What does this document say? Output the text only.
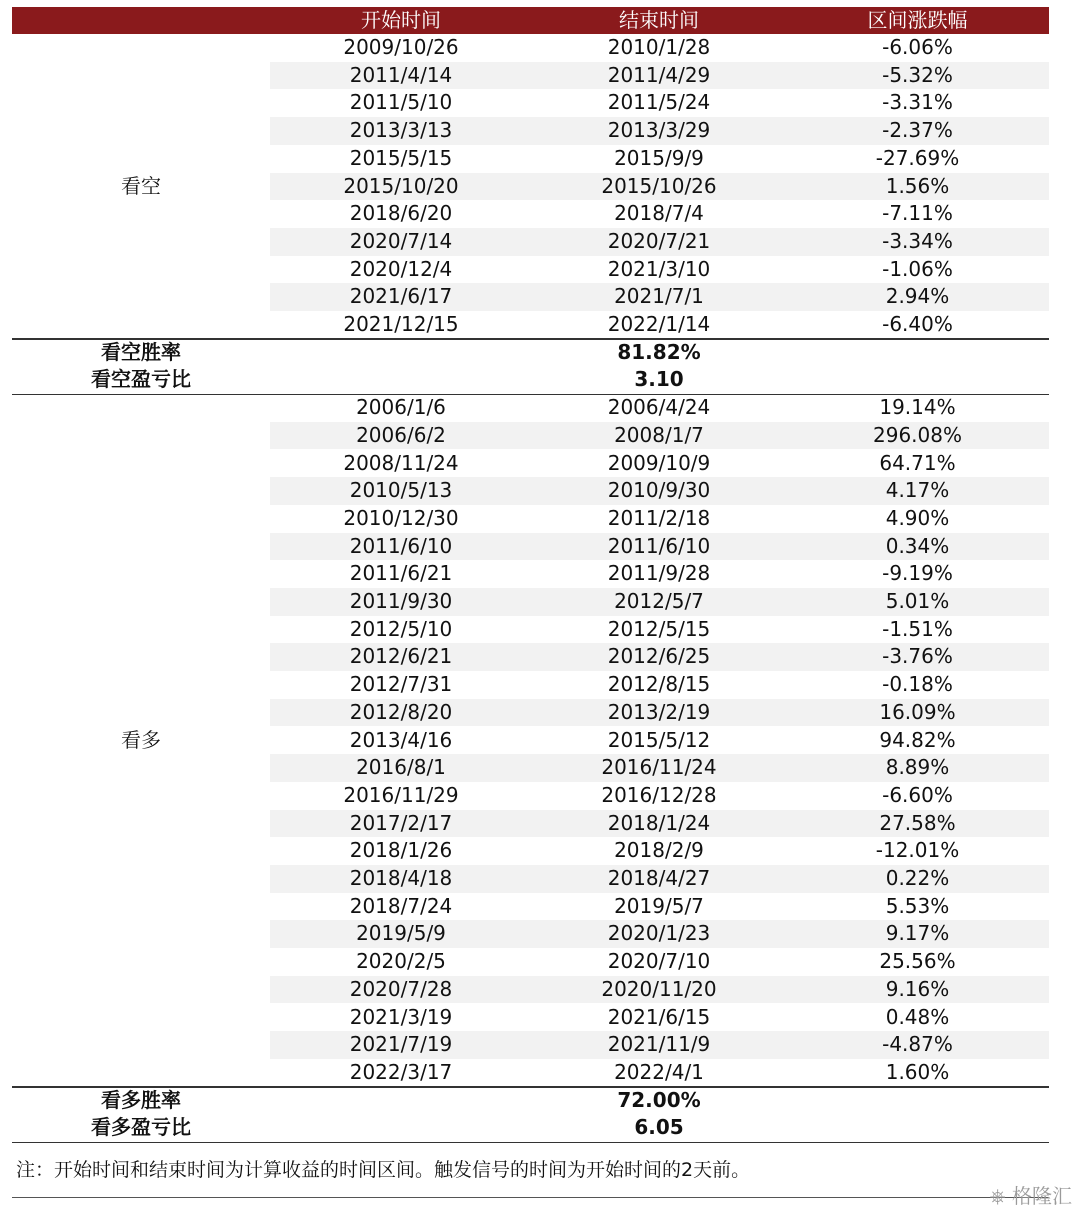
开始时间	结束时间	区间涨跌幅
2009/10/26	2010/1/28	-6.06%
2011/4/14	2011/4/29	-5.32%
2011/5/10	2011/5/24	-3.31%
2013/3/13	2013/3/29	-2.37%
2015/5/15	2015/9/9	-27.69%
2015/10/20	2015/10/26	1.56%
2018/6/20	2018/7/4	-7.11%
2020/7/14	2020/7/21	-3.34%
2020/12/4	2021/3/10	-1.06%
2021/6/17	2021/7/1	2.94%
2021/12/15	2022/1/14	-6.40%
看空
看空胜率	81.82%
看空盈亏比	3.10
2006/1/6	2006/4/24	19.14%
2006/6/2	2008/1/7	296.08%
2008/11/24	2009/10/9	64.71%
2010/5/13	2010/9/30	4.17%
2010/12/30	2011/2/18	4.90%
2011/6/10	2011/6/10	0.34%
2011/6/21	2011/9/28	-9.19%
2011/9/30	2012/5/7	5.01%
2012/5/10	2012/5/15	-1.51%
2012/6/21	2012/6/25	-3.76%
2012/7/31	2012/8/15	-0.18%
2012/8/20	2013/2/19	16.09%
2013/4/16	2015/5/12	94.82%
2016/8/1	2016/11/24	8.89%
2016/11/29	2016/12/28	-6.60%
2017/2/17	2018/1/24	27.58%
2018/1/26	2018/2/9	-12.01%
2018/4/18	2018/4/27	0.22%
2018/7/24	2019/5/7	5.53%
2019/5/9	2020/1/23	9.17%
2020/2/5	2020/7/10	25.56%
2020/7/28	2020/11/20	9.16%
2021/3/19	2021/6/15	0.48%
2021/7/19	2021/11/9	-4.87%
2022/3/17	2022/4/1	1.60%
看多
看多胜率	72.00%
看多盈亏比	6.05
注：开始时间和结束时间为计算收益的时间区间。触发信号的时间为开始时间的2天前。
⎈ 格隆汇
